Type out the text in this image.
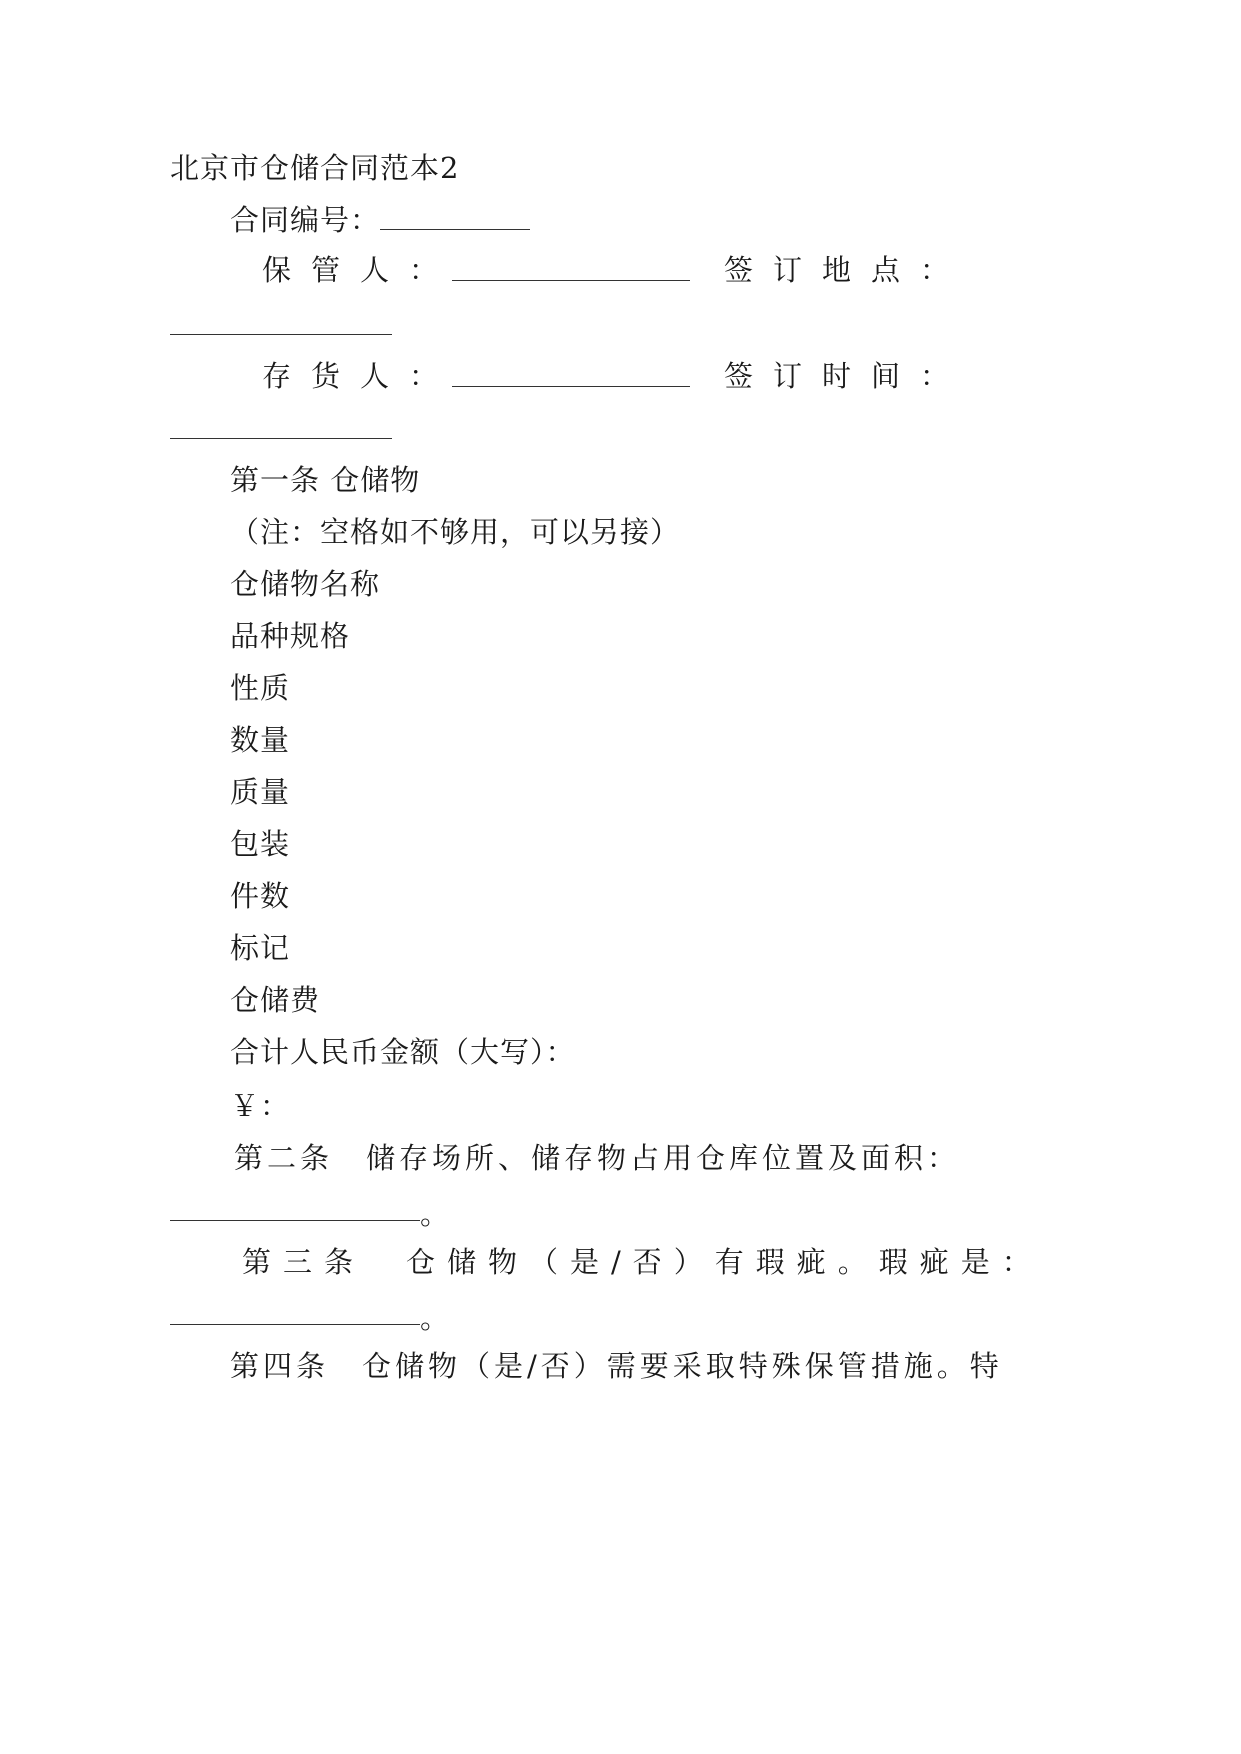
北京市仓储合同范本2
合同编号：
保管人：	签订地点：
存货人：	签订时间：
第一条 仓储物
（注：空格如不够用，可以另接）
仓储物名称
品种规格
性质
数量
质量
包装
件数
标记
仓储费
合计人民币金额（大写）：
￥：
第二条　储存场所、储存物占用仓库位置及面积：
。
第三条　仓储物（是/否）有瑕疵。瑕疵是：
。
第四条　仓储物（是/否）需要采取特殊保管措施。特
